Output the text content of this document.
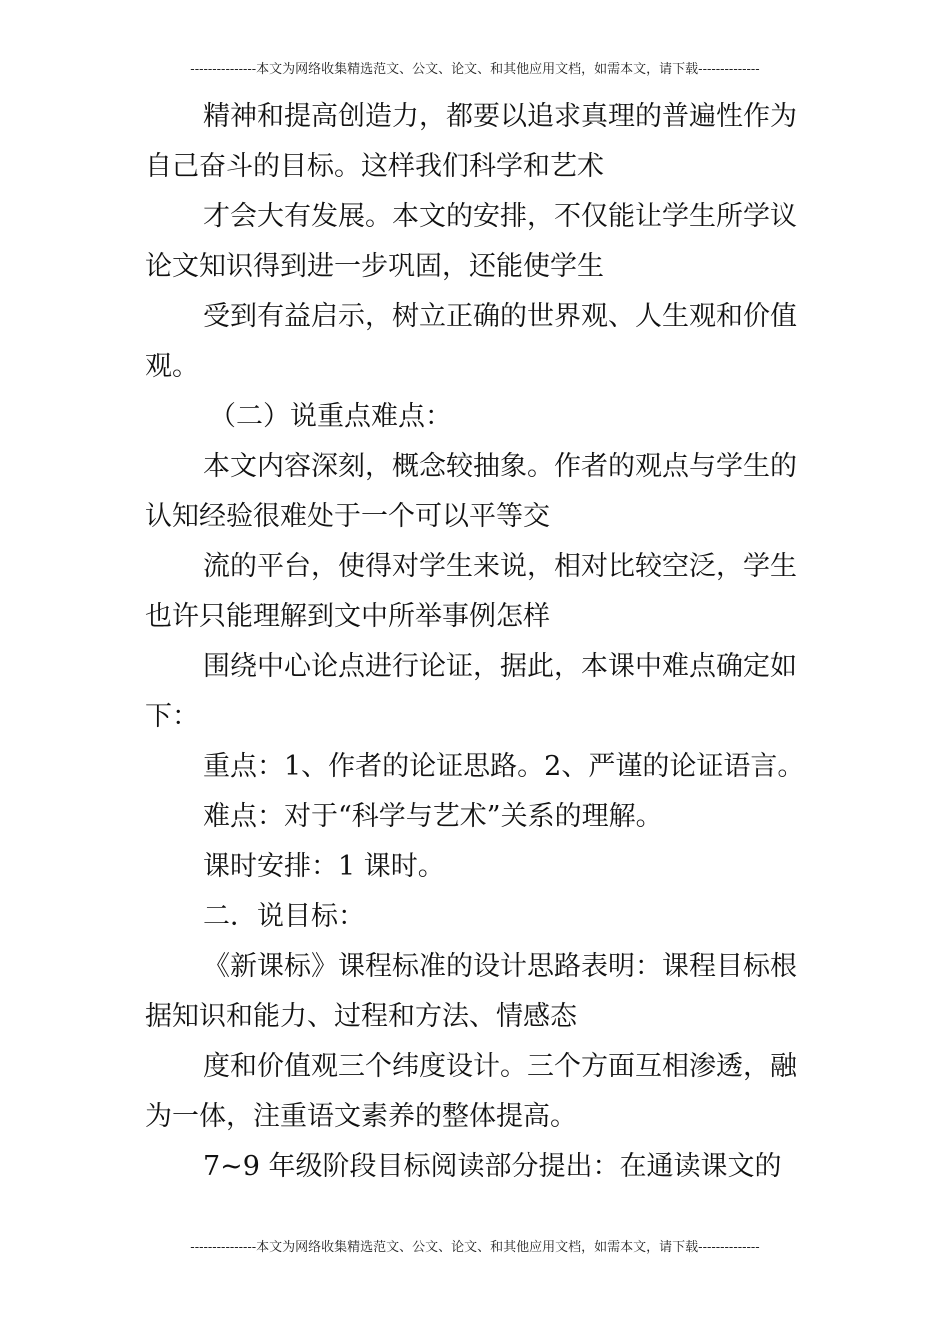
---------------本文为网络收集精选范文、公文、论文、和其他应用文档，如需本文，请下载--------------

精神和提高创造力，都要以追求真理的普遍性作为自己奋斗的目标。这样我们科学和艺术

才会大有发展。本文的安排，不仅能让学生所学议论文知识得到进一步巩固，还能使学生

受到有益启示，树立正确的世界观、人生观和价值观。

（二）说重点难点：

本文内容深刻，概念较抽象。作者的观点与学生的认知经验很难处于一个可以平等交

流的平台，使得对学生来说，相对比较空泛，学生也许只能理解到文中所举事例怎样

围绕中心论点进行论证，据此，本课中难点确定如下：

重点：1、作者的论证思路。2、严谨的论证语言。

难点：对于“科学与艺术”关系的理解。

课时安排：1 课时。

二．说目标：

《新课标》课程标准的设计思路表明：课程目标根据知识和能力、过程和方法、情感态

度和价值观三个纬度设计。三个方面互相渗透，融为一体，注重语文素养的整体提高。

7~9 年级阶段目标阅读部分提出：在通读课文的

---------------本文为网络收集精选范文、公文、论文、和其他应用文档，如需本文，请下载--------------
